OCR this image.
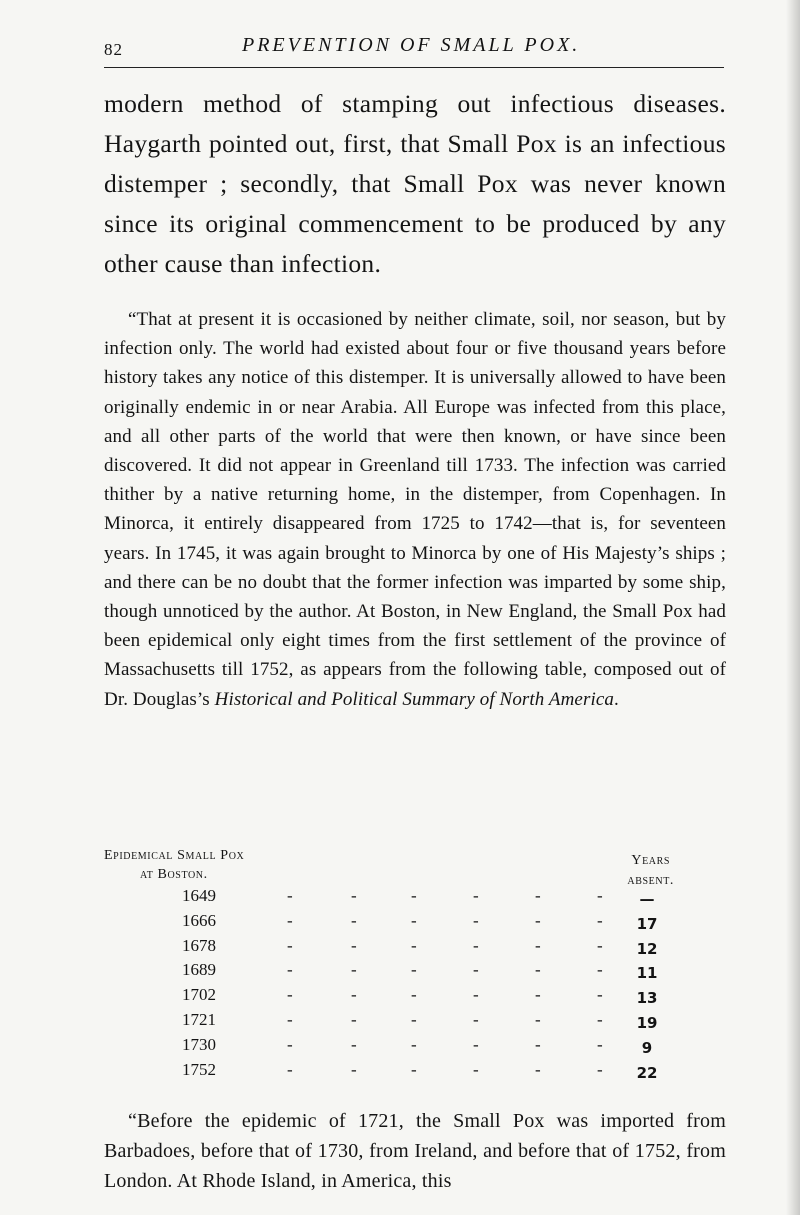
82	PREVENTION OF SMALL POX.
modern method of stamping out infectious diseases. Haygarth pointed out, first, that Small Pox is an infectious distemper ; secondly, that Small Pox was never known since its original commencement to be produced by any other cause than infection.

“That at present it is occasioned by neither climate, soil, nor season, but by infection only. The world had existed about four or five thousand years before history takes any notice of this distemper. It is universally allowed to have been originally endemic in or near Arabia. All Europe was infected from this place, and all other parts of the world that were then known, or have since been discovered. It did not appear in Greenland till 1733. The infection was carried thither by a native returning home, in the distemper, from Copenhagen. In Minorca, it entirely disappeared from 1725 to 1742—that is, for seventeen years. In 1745, it was again brought to Minorca by one of His Majesty’s ships ; and there can be no doubt that the former infection was imparted by some ship, though unnoticed by the author. At Boston, in New England, the Small Pox had been epidemical only eight times from the first settlement of the province of Massachusetts till 1752, as appears from the following table, composed out of Dr. Douglas’s Historical and Political Summary of North America.

Epidemical Small Pox
at Boston.
Years
absent.
1649	-	-	-	-	-	-	—
1666	-	-	-	-	-	-	17
1678	-	-	-	-	-	-	12
1689	-	-	-	-	-	-	11
1702	-	-	-	-	-	-	13
1721	-	-	-	-	-	-	19
1730	-	-	-	-	-	-	9
1752	-	-	-	-	-	-	22

“Before the epidemic of 1721, the Small Pox was imported from Barbadoes, before that of 1730, from Ireland, and before that of 1752, from London. At Rhode Island, in America, this
